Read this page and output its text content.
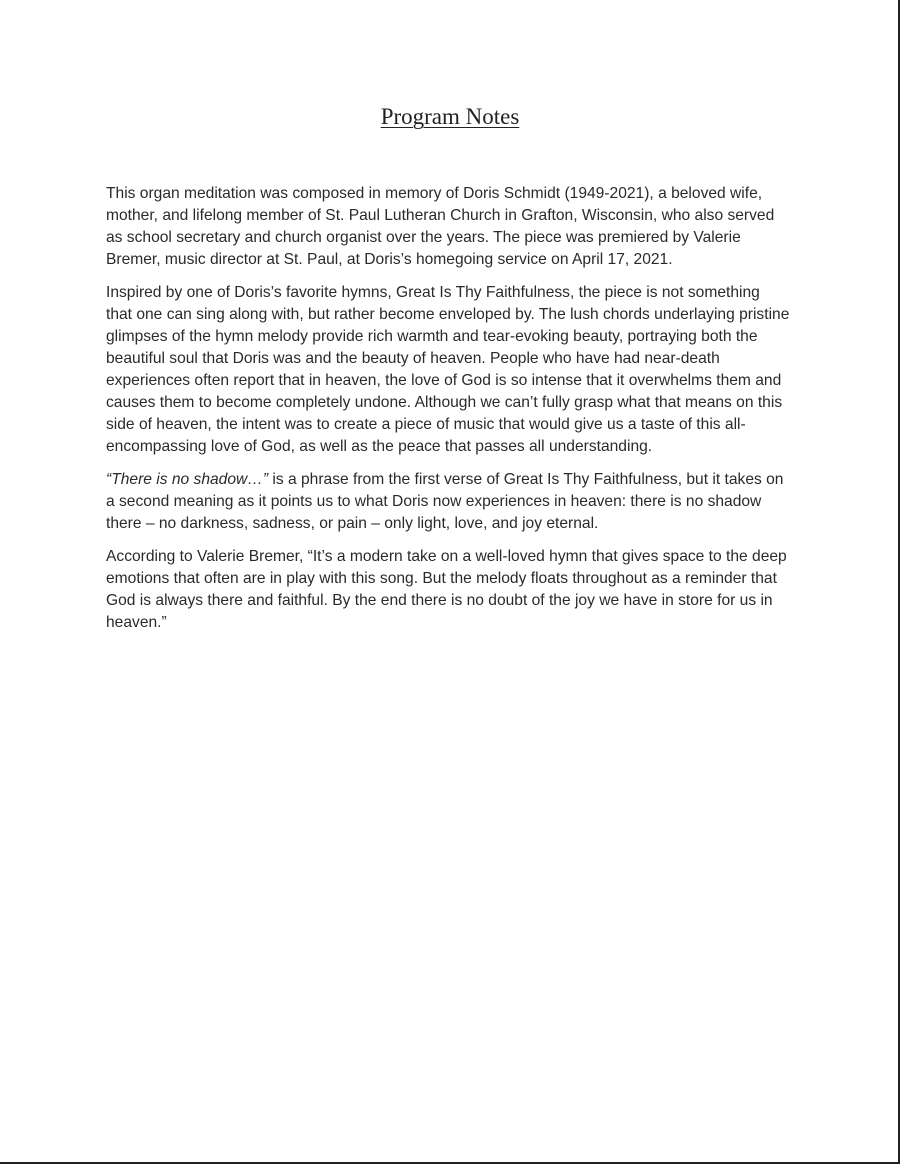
Program Notes

This organ meditation was composed in memory of Doris Schmidt (1949-2021), a beloved wife, mother, and lifelong member of St. Paul Lutheran Church in Grafton, Wisconsin, who also served as school secretary and church organist over the years. The piece was premiered by Valerie Bremer, music director at St. Paul, at Doris’s homegoing service on April 17, 2021.

Inspired by one of Doris’s favorite hymns, Great Is Thy Faithfulness, the piece is not something that one can sing along with, but rather become enveloped by. The lush chords underlaying pristine glimpses of the hymn melody provide rich warmth and tear-evoking beauty, portraying both the beautiful soul that Doris was and the beauty of heaven. People who have had near-death experiences often report that in heaven, the love of God is so intense that it overwhelms them and causes them to become completely undone. Although we can’t fully grasp what that means on this side of heaven, the intent was to create a piece of music that would give us a taste of this all-encompassing love of God, as well as the peace that passes all understanding.

“There is no shadow…” is a phrase from the first verse of Great Is Thy Faithfulness, but it takes on a second meaning as it points us to what Doris now experiences in heaven: there is no shadow there – no darkness, sadness, or pain – only light, love, and joy eternal.

According to Valerie Bremer, “It’s a modern take on a well-loved hymn that gives space to the deep emotions that often are in play with this song. But the melody floats throughout as a reminder that God is always there and faithful. By the end there is no doubt of the joy we have in store for us in heaven.”
